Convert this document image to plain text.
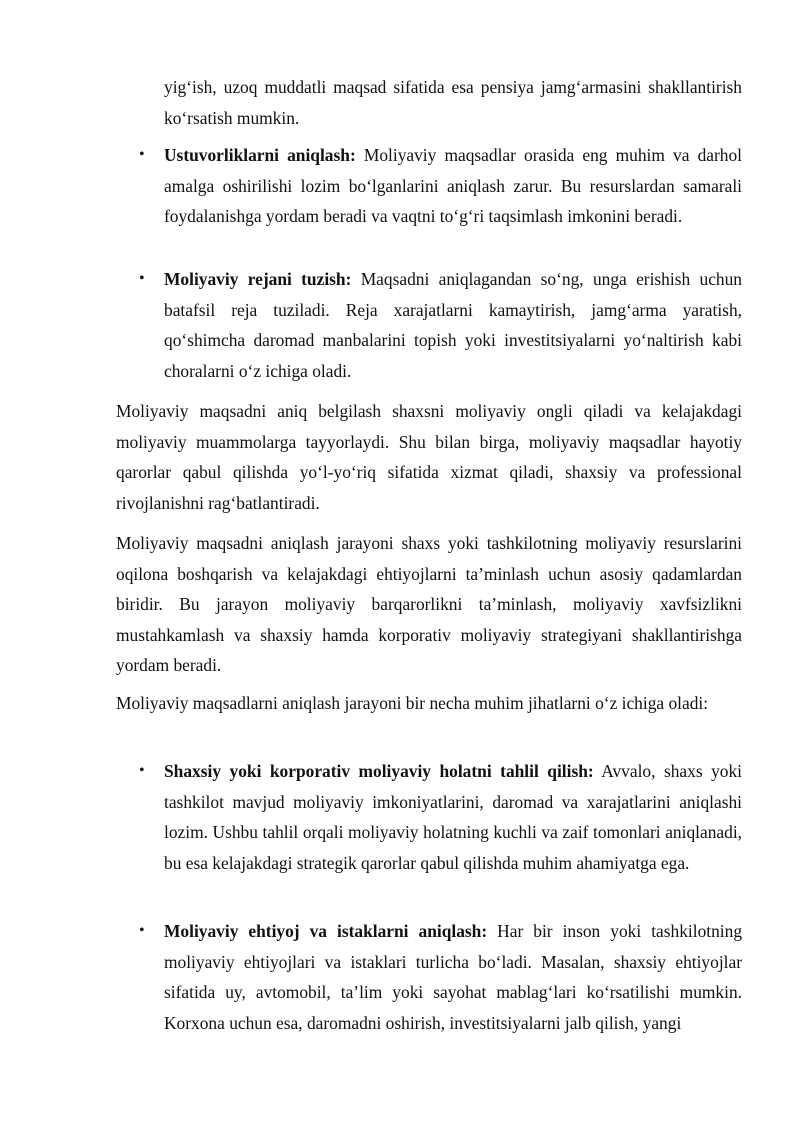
yig‘ish, uzoq muddatli maqsad sifatida esa pensiya jamg‘armasini shakllantirish ko‘rsatish mumkin.

• Ustuvorliklarni aniqlash: Moliyaviy maqsadlar orasida eng muhim va darhol amalga oshirilishi lozim bo‘lganlarini aniqlash zarur. Bu resurslardan samarali foydalanishga yordam beradi va vaqtni to‘g‘ri taqsimlash imkonini beradi.

• Moliyaviy rejani tuzish: Maqsadni aniqlagandan so‘ng, unga erishish uchun batafsil reja tuziladi. Reja xarajatlarni kamaytirish, jamg‘arma yaratish, qo‘shimcha daromad manbalarini topish yoki investitsiyalarni yo‘naltirish kabi choralarni o‘z ichiga oladi.

Moliyaviy maqsadni aniq belgilash shaxsni moliyaviy ongli qiladi va kelajakdagi moliyaviy muammolarga tayyorlaydi. Shu bilan birga, moliyaviy maqsadlar hayotiy qarorlar qabul qilishda yo‘l-yo‘riq sifatida xizmat qiladi, shaxsiy va professional rivojlanishni rag‘batlantiradi.

Moliyaviy maqsadni aniqlash jarayoni shaxs yoki tashkilotning moliyaviy resurslarini oqilona boshqarish va kelajakdagi ehtiyojlarni ta’minlash uchun asosiy qadamlardan biridir. Bu jarayon moliyaviy barqarorlikni ta’minlash, moliyaviy xavfsizlikni mustahkamlash va shaxsiy hamda korporativ moliyaviy strategiyani shakllantirishga yordam beradi.

Moliyaviy maqsadlarni aniqlash jarayoni bir necha muhim jihatlarni o‘z ichiga oladi:

• Shaxsiy yoki korporativ moliyaviy holatni tahlil qilish: Avvalo, shaxs yoki tashkilot mavjud moliyaviy imkoniyatlarini, daromad va xarajatlarini aniqlashi lozim. Ushbu tahlil orqali moliyaviy holatning kuchli va zaif tomonlari aniqlanadi, bu esa kelajakdagi strategik qarorlar qabul qilishda muhim ahamiyatga ega.

• Moliyaviy ehtiyoj va istaklarni aniqlash: Har bir inson yoki tashkilotning moliyaviy ehtiyojlari va istaklari turlicha bo‘ladi. Masalan, shaxsiy ehtiyojlar sifatida uy, avtomobil, ta’lim yoki sayohat mablag‘lari ko‘rsatilishi mumkin. Korxona uchun esa, daromadni oshirish, investitsiyalarni jalb qilish, yangi
